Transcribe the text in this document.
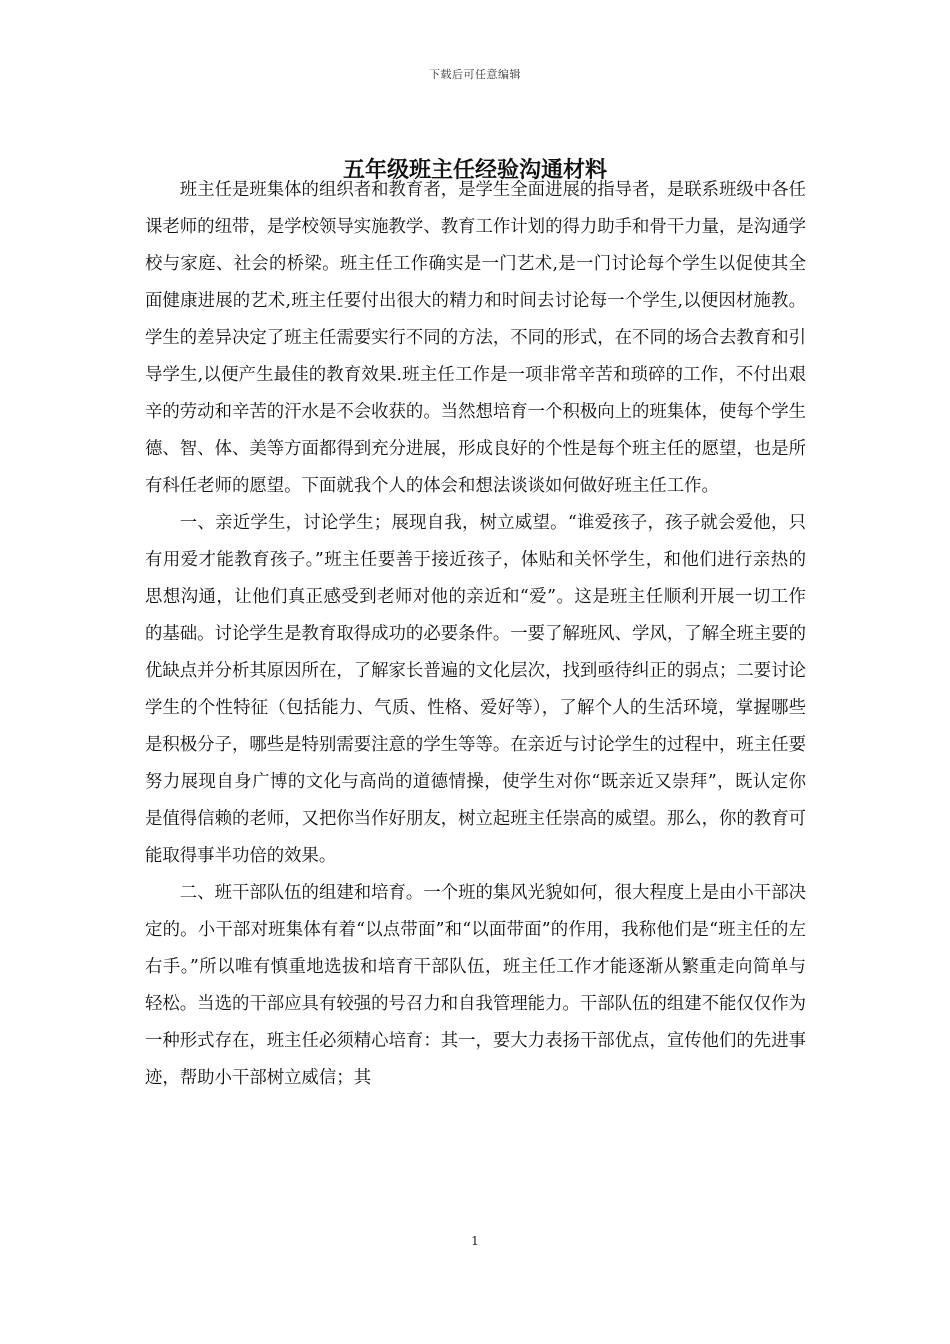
下载后可任意编辑
五年级班主任经验沟通材料

班主任是班集体的组织者和教育者，是学生全面进展的指导者，是联系班级中各任课老师的纽带，是学校领导实施教学、教育工作计划的得力助手和骨干力量，是沟通学校与家庭、社会的桥梁。班主任工作确实是一门艺术,是一门讨论每个学生以促使其全面健康进展的艺术,班主任要付出很大的精力和时间去讨论每一个学生,以便因材施教。学生的差异决定了班主任需要实行不同的方法，不同的形式，在不同的场合去教育和引导学生,以便产生最佳的教育效果.班主任工作是一项非常辛苦和琐碎的工作，不付出艰辛的劳动和辛苦的汗水是不会收获的。当然想培育一个积极向上的班集体，使每个学生德、智、体、美等方面都得到充分进展，形成良好的个性是每个班主任的愿望，也是所有科任老师的愿望。下面就我个人的体会和想法谈谈如何做好班主任工作。

一、亲近学生，讨论学生；展现自我，树立威望。“谁爱孩子，孩子就会爱他，只有用爱才能教育孩子。”班主任要善于接近孩子，体贴和关怀学生，和他们进行亲热的思想沟通，让他们真正感受到老师对他的亲近和“爱”。这是班主任顺利开展一切工作的基础。讨论学生是教育取得成功的必要条件。一要了解班风、学风，了解全班主要的优缺点并分析其原因所在，了解家长普遍的文化层次，找到亟待纠正的弱点；二要讨论学生的个性特征（包括能力、气质、性格、爱好等），了解个人的生活环境，掌握哪些是积极分子，哪些是特别需要注意的学生等等。在亲近与讨论学生的过程中，班主任要努力展现自身广博的文化与高尚的道德情操，使学生对你“既亲近又崇拜”，既认定你是值得信赖的老师，又把你当作好朋友，树立起班主任崇高的威望。那么，你的教育可能取得事半功倍的效果。

二、班干部队伍的组建和培育。一个班的集风光貌如何，很大程度上是由小干部决定的。小干部对班集体有着“以点带面”和“以面带面”的作用，我称他们是“班主任的左右手。”所以唯有慎重地选拔和培育干部队伍，班主任工作才能逐渐从繁重走向简单与轻松。当选的干部应具有较强的号召力和自我管理能力。干部队伍的组建不能仅仅作为一种形式存在，班主任必须精心培育：其一，要大力表扬干部优点，宣传他们的先进事迹，帮助小干部树立威信；其

1
